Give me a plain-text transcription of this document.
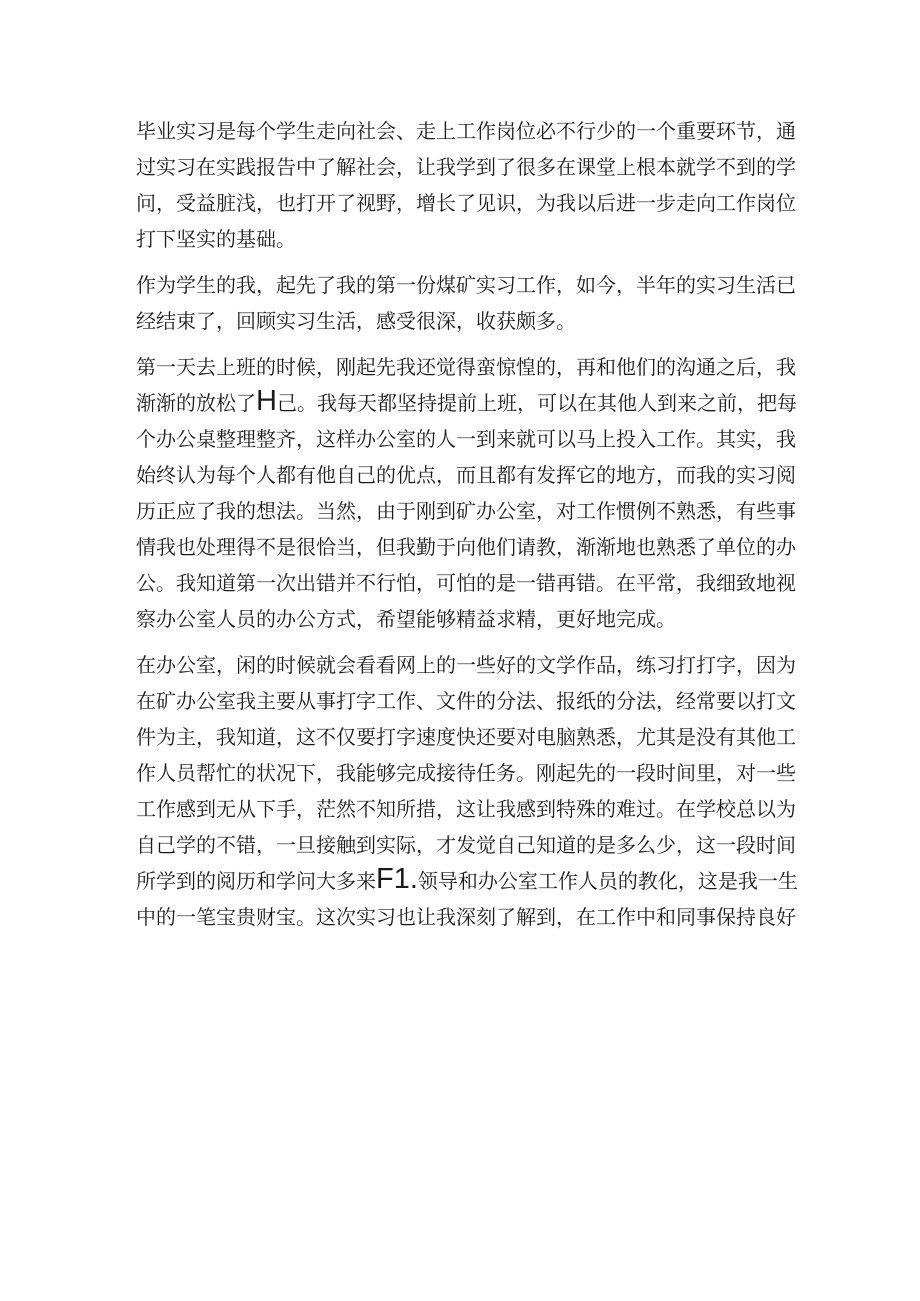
毕业实习是每个学生走向社会、走上工作岗位必不行少的一个重要环节，通
过实习在实践报告中了解社会，让我学到了很多在课堂上根本就学不到的学
问，受益脏浅，也打开了视野，增长了见识，为我以后进一步走向工作岗位
打下坚实的基础。
作为学生的我，起先了我的第一份煤矿实习工作，如今，半年的实习生活已
经结束了，回顾实习生活，感受很深，收获颇多。
第一天去上班的时候，刚起先我还觉得蛮惊惶的，再和他们的沟通之后，我
渐渐的放松了H己。我每天都坚持提前上班，可以在其他人到来之前，把每
个办公桌整理整齐，这样办公室的人一到来就可以马上投入工作。其实，我
始终认为每个人都有他自己的优点，而且都有发挥它的地方，而我的实习阅
历正应了我的想法。当然，由于刚到矿办公室，对工作惯例不熟悉，有些事
情我也处理得不是很恰当，但我勤于向他们请教，渐渐地也熟悉了单位的办
公。我知道第一次出错并不行怕，可怕的是一错再错。在平常，我细致地视
察办公室人员的办公方式，希望能够精益求精，更好地完成。
在办公室，闲的时候就会看看网上的一些好的文学作品，练习打打字，因为
在矿办公室我主要从事打字工作、文件的分法、报纸的分法，经常要以打文
件为主，我知道，这不仅要打字速度快还要对电脑熟悉，尤其是没有其他工
作人员帮忙的状况下，我能够完成接待任务。刚起先的一段时间里，对一些
工作感到无从下手，茫然不知所措，这让我感到特殊的难过。在学校总以为
自己学的不错，一旦接触到实际，才发觉自己知道的是多么少，这一段时间
所学到的阅历和学问大多来F1.领导和办公室工作人员的教化，这是我一生
中的一笔宝贵财宝。这次实习也让我深刻了解到，在工作中和同事保持良好
